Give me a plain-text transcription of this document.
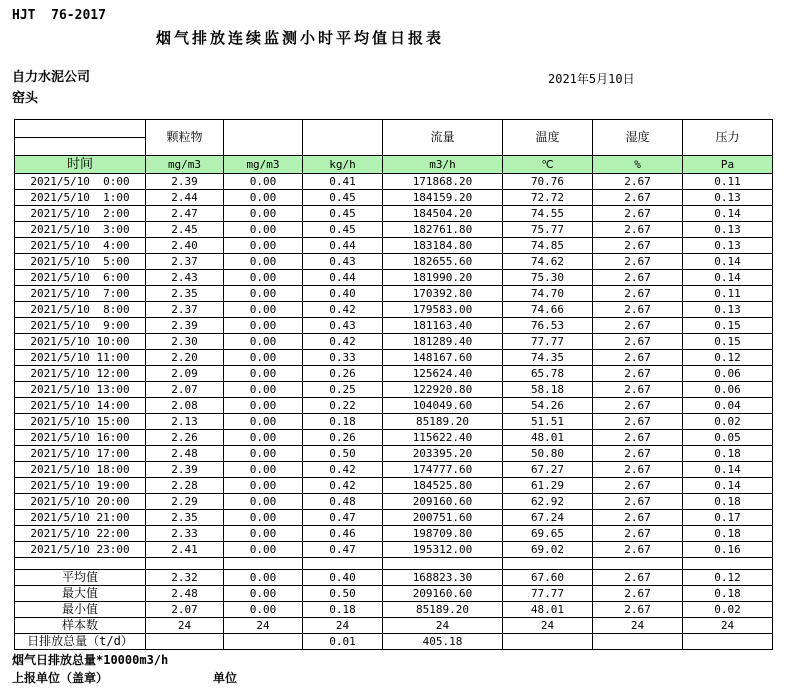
HJT  76-2017
烟气排放连续监测小时平均值日报表
自力水泥公司
窑头
2021年5月10日
	颗粒物			流量	温度	湿度	压力

时间	mg/m3	mg/m3	kg/h	m3/h	℃	%	Pa
2021/5/10  0:00	2.39	0.00	0.41	171868.20	70.76	2.67	0.11
2021/5/10  1:00	2.44	0.00	0.45	184159.20	72.72	2.67	0.13
2021/5/10  2:00	2.47	0.00	0.45	184504.20	74.55	2.67	0.14
2021/5/10  3:00	2.45	0.00	0.45	182761.80	75.77	2.67	0.13
2021/5/10  4:00	2.40	0.00	0.44	183184.80	74.85	2.67	0.13
2021/5/10  5:00	2.37	0.00	0.43	182655.60	74.62	2.67	0.14
2021/5/10  6:00	2.43	0.00	0.44	181990.20	75.30	2.67	0.14
2021/5/10  7:00	2.35	0.00	0.40	170392.80	74.70	2.67	0.11
2021/5/10  8:00	2.37	0.00	0.42	179583.00	74.66	2.67	0.13
2021/5/10  9:00	2.39	0.00	0.43	181163.40	76.53	2.67	0.15
2021/5/10 10:00	2.30	0.00	0.42	181289.40	77.77	2.67	0.15
2021/5/10 11:00	2.20	0.00	0.33	148167.60	74.35	2.67	0.12
2021/5/10 12:00	2.09	0.00	0.26	125624.40	65.78	2.67	0.06
2021/5/10 13:00	2.07	0.00	0.25	122920.80	58.18	2.67	0.06
2021/5/10 14:00	2.08	0.00	0.22	104049.60	54.26	2.67	0.04
2021/5/10 15:00	2.13	0.00	0.18	85189.20	51.51	2.67	0.02
2021/5/10 16:00	2.26	0.00	0.26	115622.40	48.01	2.67	0.05
2021/5/10 17:00	2.48	0.00	0.50	203395.20	50.80	2.67	0.18
2021/5/10 18:00	2.39	0.00	0.42	174777.60	67.27	2.67	0.14
2021/5/10 19:00	2.28	0.00	0.42	184525.80	61.29	2.67	0.14
2021/5/10 20:00	2.29	0.00	0.48	209160.60	62.92	2.67	0.18
2021/5/10 21:00	2.35	0.00	0.47	200751.60	67.24	2.67	0.17
2021/5/10 22:00	2.33	0.00	0.46	198709.80	69.65	2.67	0.18
2021/5/10 23:00	2.41	0.00	0.47	195312.00	69.02	2.67	0.16

平均值	2.32	0.00	0.40	168823.30	67.60	2.67	0.12
最大值	2.48	0.00	0.50	209160.60	77.77	2.67	0.18
最小值	2.07	0.00	0.18	85189.20	48.01	2.67	0.02
样本数	24	24	24	24	24	24	24
日排放总量（t/d）			0.01	405.18			
烟气日排放总量*10000m3/h
上报单位（盖章）	单位
